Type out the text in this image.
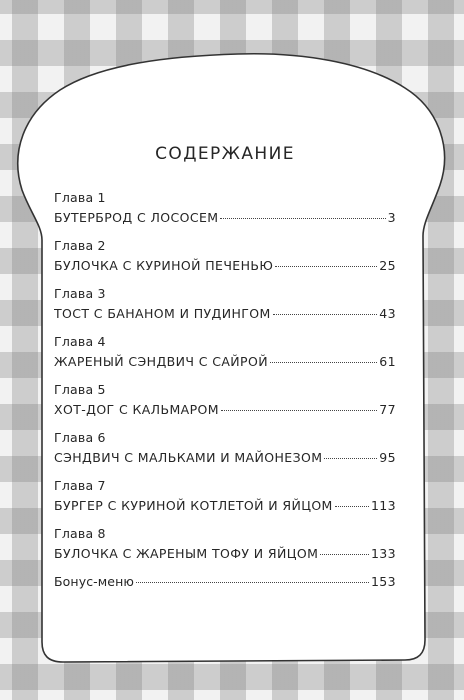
СОДЕРЖАНИЕ
Глава 1
БУТЕРБРОД С ЛОСОСЕМ	3
Глава 2
БУЛОЧКА С КУРИНОЙ ПЕЧЕНЬЮ	25
Глава 3
ТОСТ С БАНАНОМ И ПУДИНГОМ	43
Глава 4
ЖАРЕНЫЙ СЭНДВИЧ С САЙРОЙ	61
Глава 5
ХОТ-ДОГ С КАЛЬМАРОМ	77
Глава 6
СЭНДВИЧ С МАЛЬКАМИ И МАЙОНЕЗОМ	95
Глава 7
БУРГЕР С КУРИНОЙ КОТЛЕТОЙ И ЯЙЦОМ	113
Глава 8
БУЛОЧКА С ЖАРЕНЫМ ТОФУ И ЯЙЦОМ	133
Бонус-меню	153
